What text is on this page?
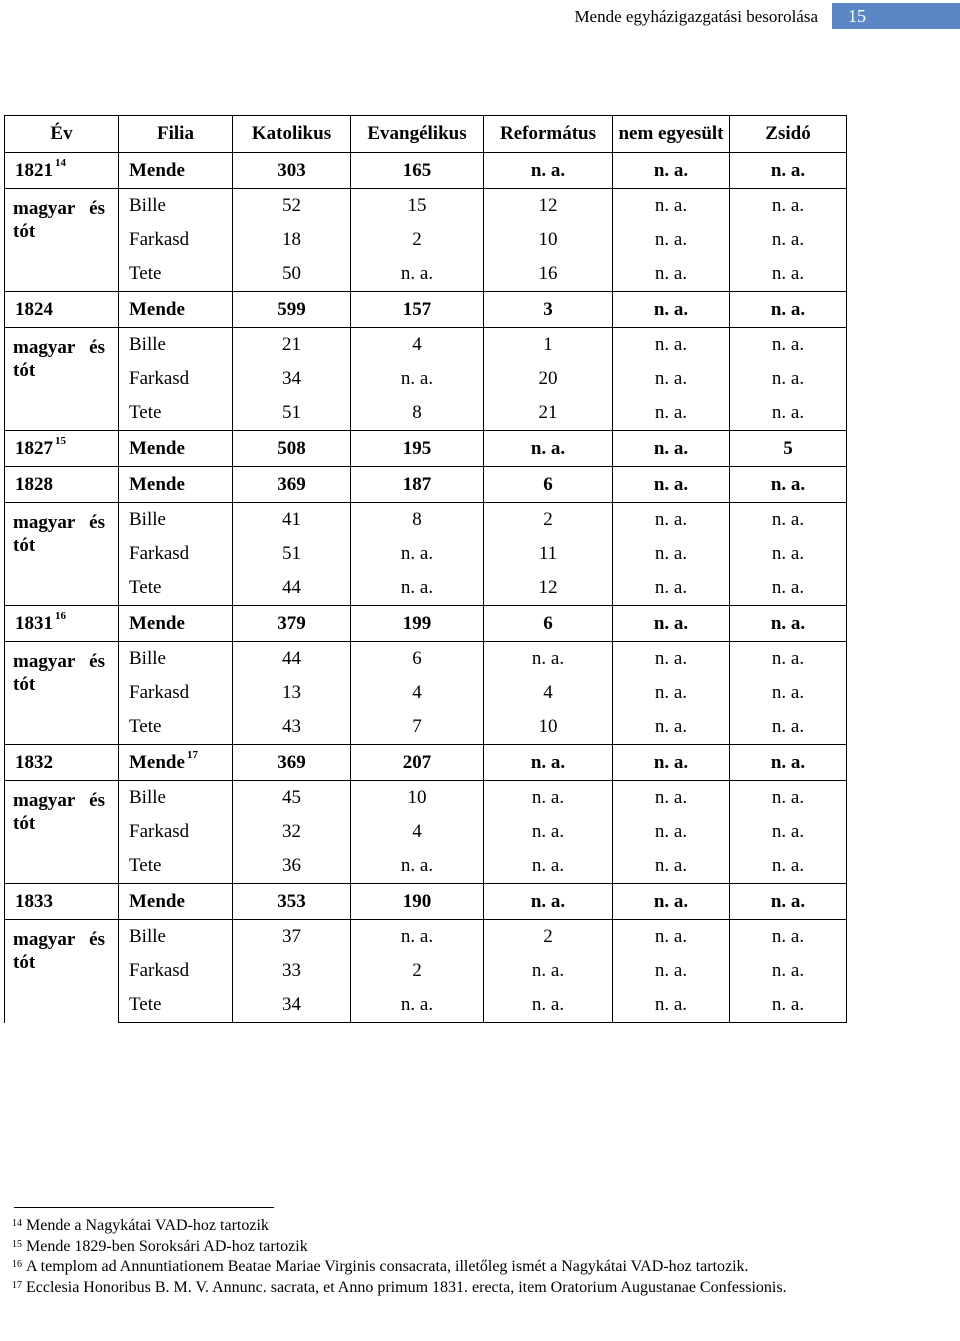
Mende egyházigazgatási besorolása 15
Év	Filia	Katolikus	Evangélikus	Református	nem egyesült	Zsidó
1821 $^{14}$	Mende	303	165	n. a.	n. a.	n. a.

magyar és
tót	Bille	52	15	12	n. a.	n. a.
	Farkasd	18	2	10	n. a.	n. a.
	Tete	50	n. a.	16	n. a.	n. a.
1824	Mende	599	157	3	n. a.	n. a.

magyar és
tót	Bille	21	4	1	n. a.	n. a.
	Farkasd	34	n. a.	20	n. a.	n. a.
	Tete	51	8	21	n. a.	n. a.
1827 $^{15}$	Mende	508	195	n. a.	n. a.	5
1828	Mende	369	187	6	n. a.	n. a.

magyar és
tót	Bille	41	8	2	n. a.	n. a.
	Farkasd	51	n. a.	11	n. a.	n. a.
	Tete	44	n. a.	12	n. a.	n. a.
1831 $^{16}$	Mende	379	199	6	n. a.	n. a.

magyar és
tót	Bille	44	6	n. a.	n. a.	n. a.
	Farkasd	13	4	4	n. a.	n. a.
	Tete	43	7	10	n. a.	n. a.
1832	Mende $^{17}$	369	207	n. a.	n. a.	n. a.

magyar és
tót	Bille	45	10	n. a.	n. a.	n. a.
	Farkasd	32	4	n. a.	n. a.	n. a.
	Tete	36	n. a.	n. a.	n. a.	n. a.
1833	Mende	353	190	n. a.	n. a.	n. a.

magyar és
tót	Bille	37	n. a.	2	n. a.	n. a.
	Farkasd	33	2	n. a.	n. a.	n. a.
	Tete	34	n. a.	n. a.	n. a.	n. a.

$^{14}$ Mende a Nagykátai VAD-hoz tartozik

$^{15}$ Mende 1829-ben Soroksári AD-hoz tartozik

$^{16}$ A templom ad Annuntiationem Beatae Mariae Virginis consacrata, illetőleg ismét a Nagykátai VAD-hoz tartozik.

$^{17}$ Ecclesia Honoribus B. M. V. Annunc. sacrata, et Anno primum 1831. erecta, item Oratorium Augustanae Confessionis.
